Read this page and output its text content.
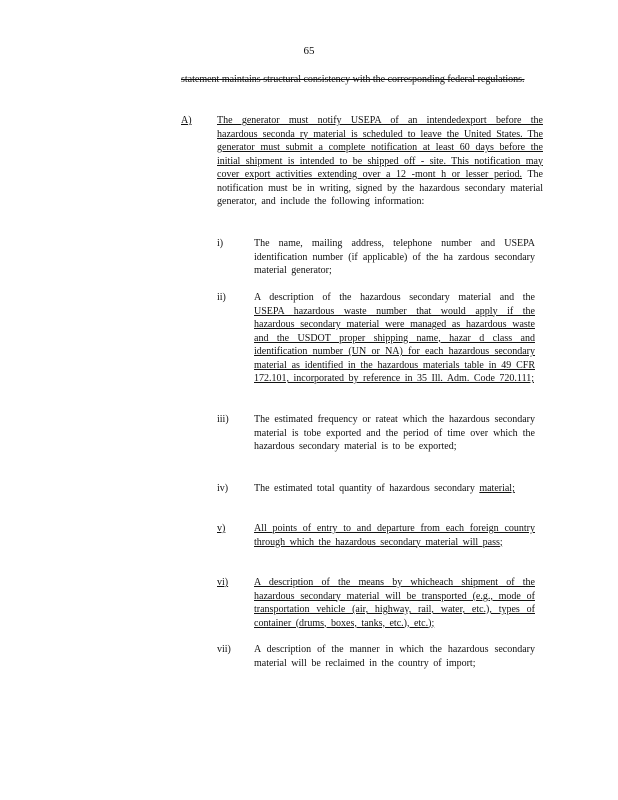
65
statement maintains structural consistency with the corresponding federal regulations.
A)	The generator must notify USEPA of an intendedexport before the hazardous seconda ry material is scheduled to leave the United States. The generator must submit a complete notification at least 60 days before the initial shipment is intended to be shipped off - site. This notification may cover export activities extending over a 12 -mont h or lesser period. The notification must be in writing, signed by the hazardous secondary material generator, and include the following information:
i)	The name, mailing address, telephone number and USEPA identification number (if applicable) of the ha zardous secondary material generator;
ii)	A description of the hazardous secondary material and the USEPA hazardous waste number that would apply if the hazardous secondary material were managed as hazardous waste and the USDOT proper shipping name, hazar d class and identification number (UN or NA) for each hazardous secondary material as identified in the hazardous materials table in 49 CFR 172.101, incorporated by reference in 35 Ill. Adm. Code 720.111;
iii)	The estimated frequency or rateat which the hazardous secondary material is tobe exported and the period of time over which the hazardous secondary material is to be exported;
iv)	The estimated total quantity of hazardous secondary material;
v)	All points of entry to and departure from each foreign country through which the hazardous secondary material will pass;
vi)	A description of the means by whicheach shipment of the hazardous secondary material will be transported (e.g., mode of transportation vehicle (air, highway, rail, water, etc.), types of container (drums, boxes, tanks, etc.), etc.);
vii) A description of the manner in which the hazardous secondary material will be reclaimed in the country of import;
